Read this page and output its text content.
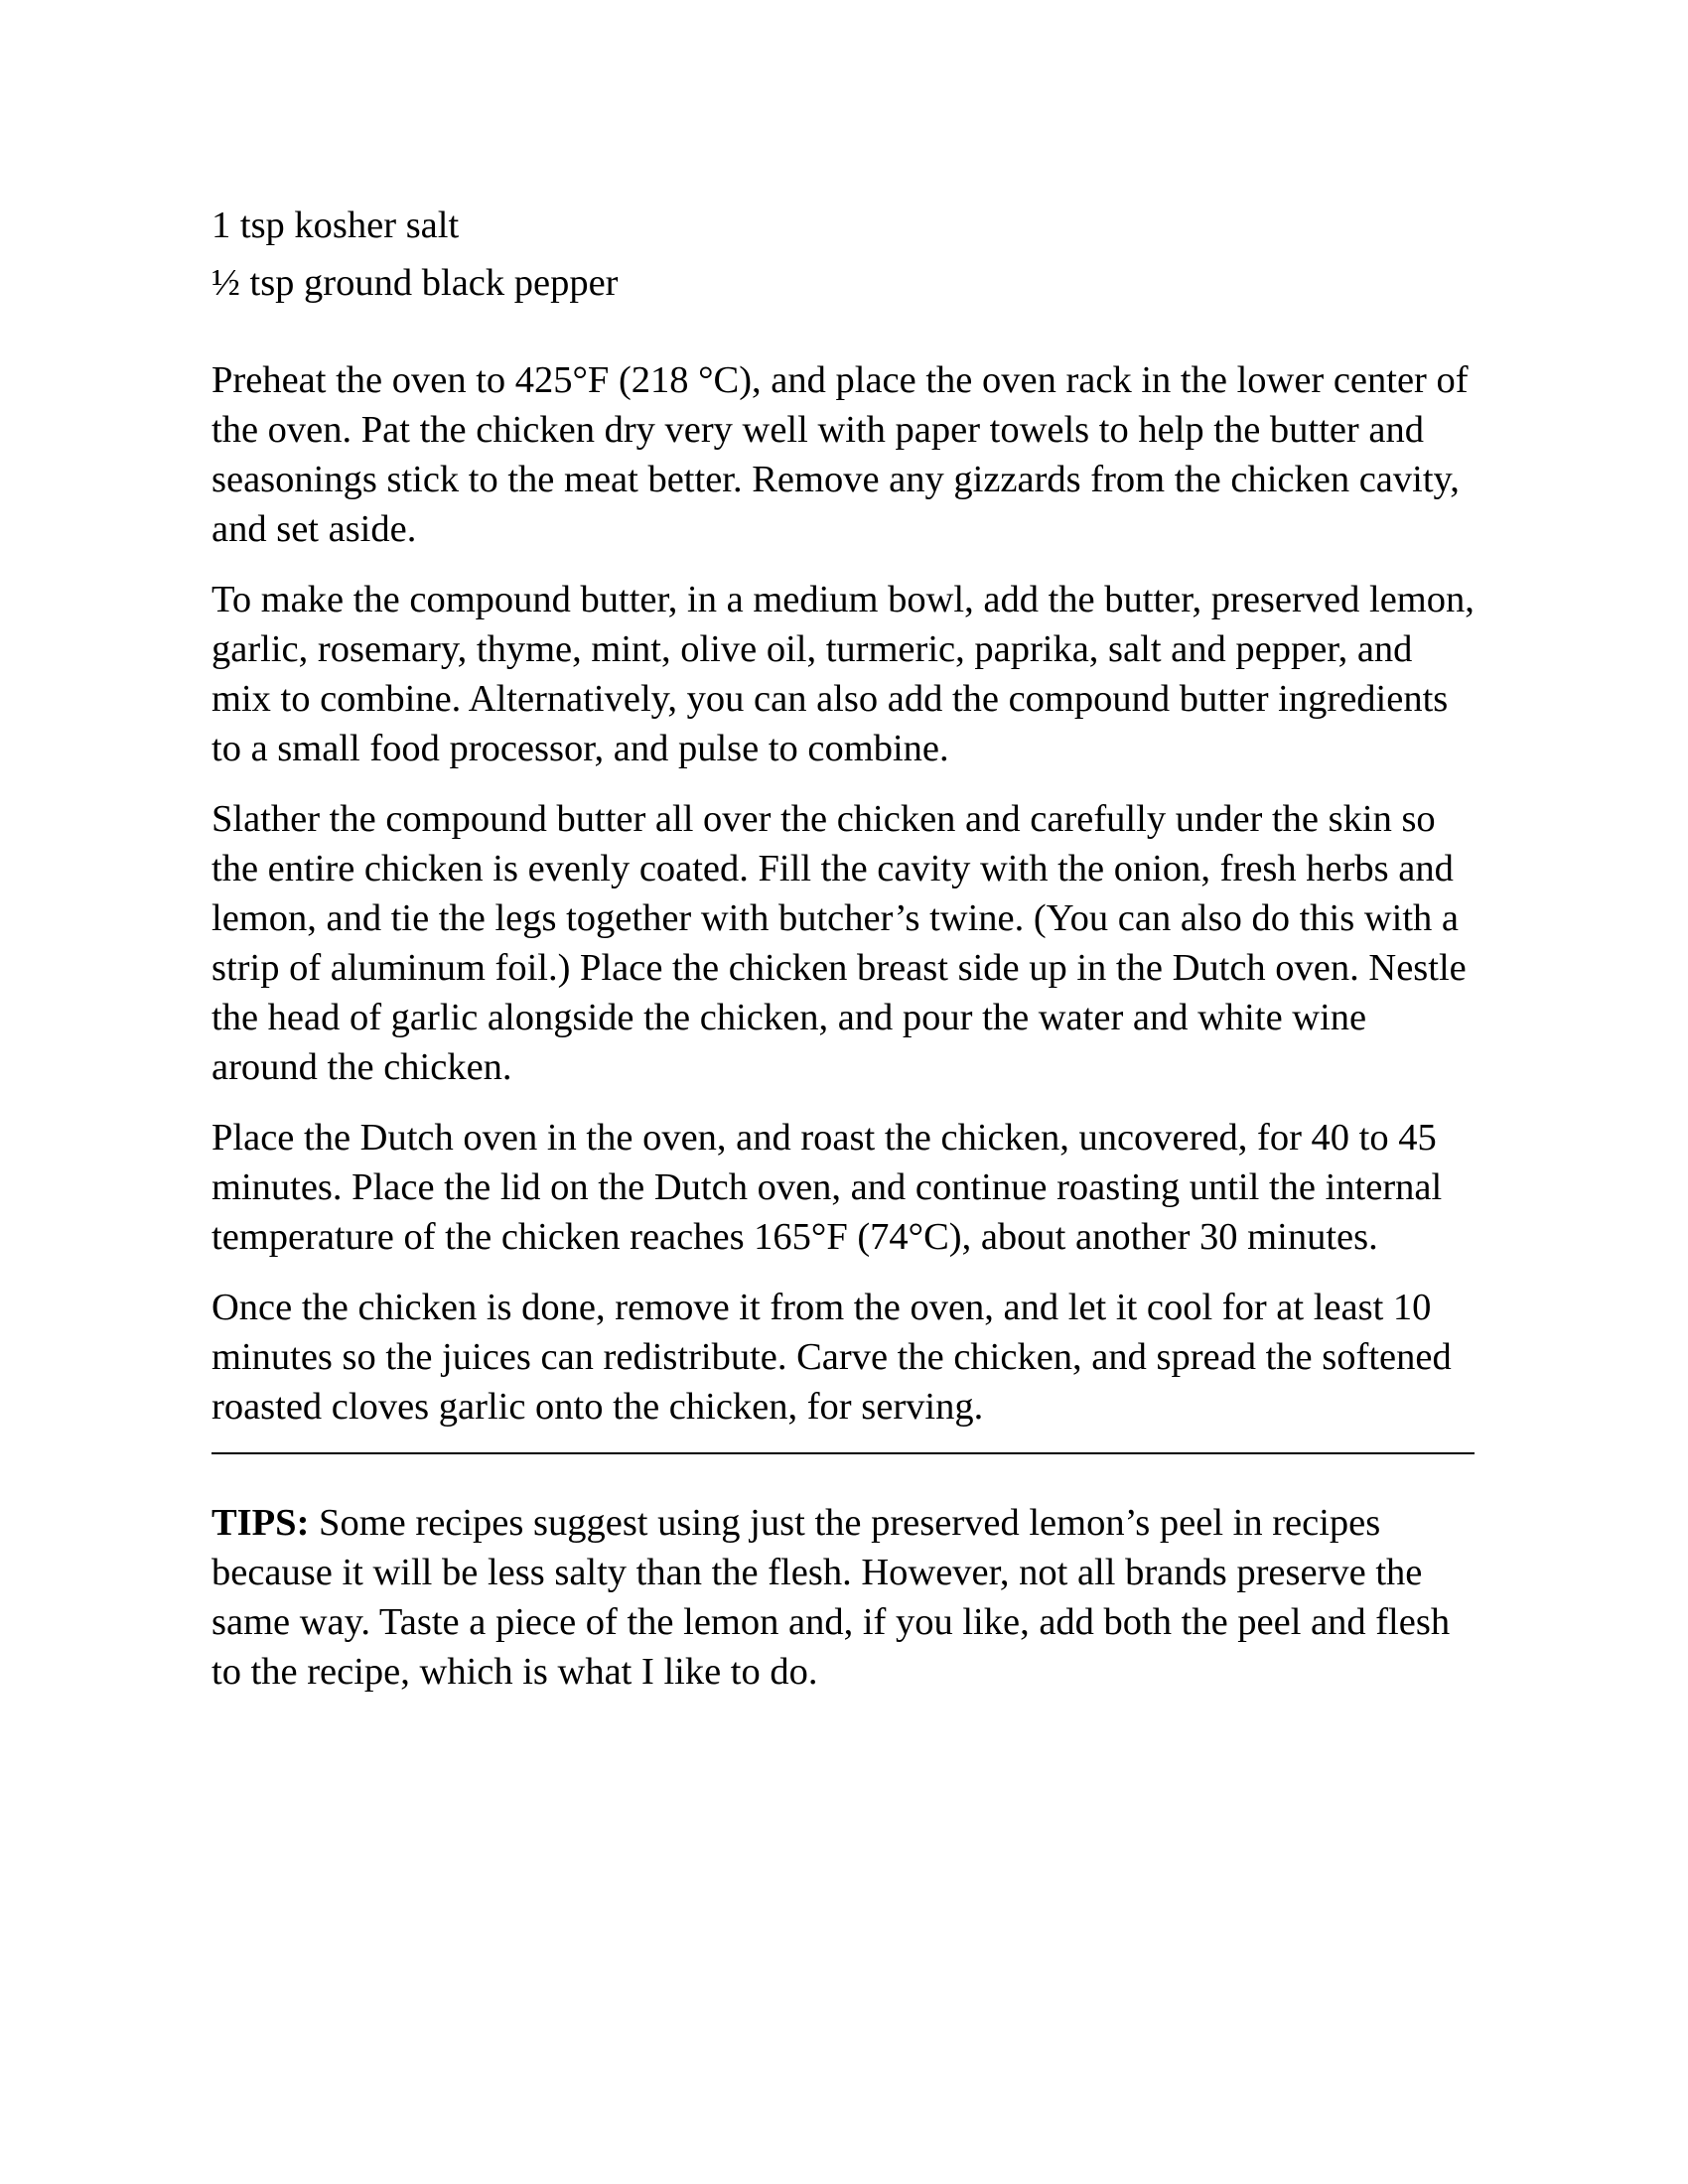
1 tsp kosher salt

½ tsp ground black pepper

Preheat the oven to 425°F (218 °C), and place the oven rack in the lower center of the oven. Pat the chicken dry very well with paper towels to help the butter and seasonings stick to the meat better. Remove any gizzards from the chicken cavity, and set aside.

To make the compound butter, in a medium bowl, add the butter, preserved lemon, garlic, rosemary, thyme, mint, olive oil, turmeric, paprika, salt and pepper, and mix to combine. Alternatively, you can also add the compound butter ingredients to a small food processor, and pulse to combine.

Slather the compound butter all over the chicken and carefully under the skin so the entire chicken is evenly coated. Fill the cavity with the onion, fresh herbs and lemon, and tie the legs together with butcher’s twine. (You can also do this with a strip of aluminum foil.) Place the chicken breast side up in the Dutch oven. Nestle the head of garlic alongside the chicken, and pour the water and white wine around the chicken.

Place the Dutch oven in the oven, and roast the chicken, uncovered, for 40 to 45 minutes. Place the lid on the Dutch oven, and continue roasting until the internal temperature of the chicken reaches 165°F (74°C), about another 30 minutes.

Once the chicken is done, remove it from the oven, and let it cool for at least 10 minutes so the juices can redistribute. Carve the chicken, and spread the softened roasted cloves garlic onto the chicken, for serving.

TIPS: Some recipes suggest using just the preserved lemon’s peel in recipes because it will be less salty than the flesh. However, not all brands preserve the same way. Taste a piece of the lemon and, if you like, add both the peel and flesh to the recipe, which is what I like to do.
